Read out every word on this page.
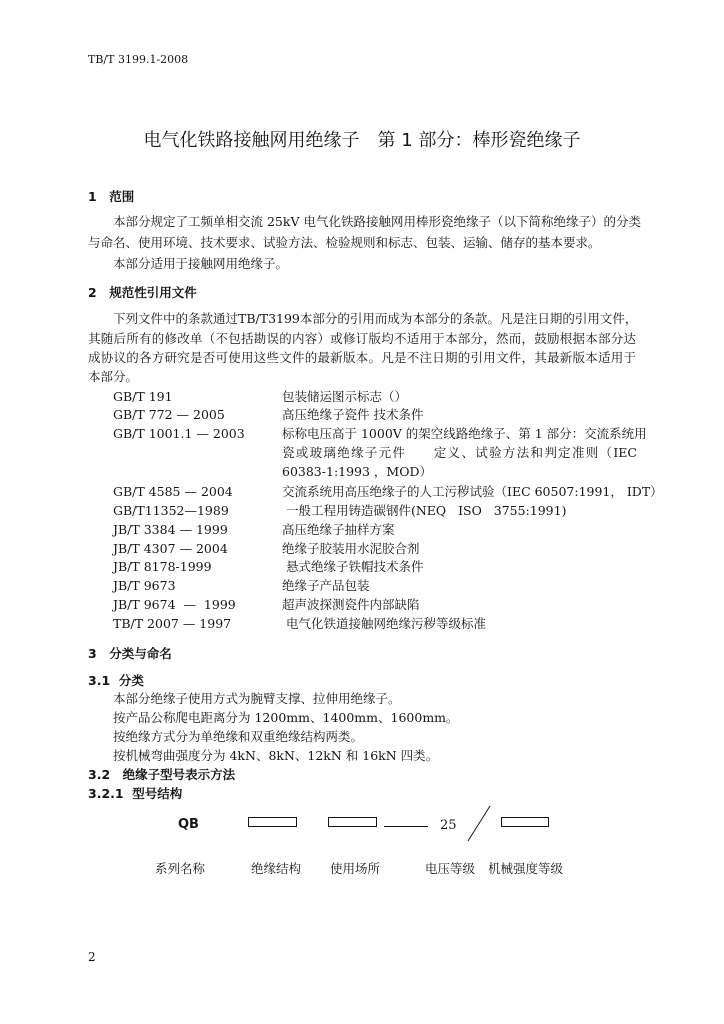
TB/T 3199.1-2008
电气化铁路接触网用绝缘子　第 1 部分：棒形瓷绝缘子
1　范围
本部分规定了工频单相交流 25kV 电气化铁路接触网用棒形瓷绝缘子（以下简称绝缘子）的分类
与命名、使用环境、技术要求、试验方法、检验规则和标志、包装、运输、储存的基本要求。
本部分适用于接触网用绝缘子。
2　规范性引用文件
下列文件中的条款通过TB/T3199本部分的引用而成为本部分的条款。凡是注日期的引用文件，
其随后所有的修改单（不包括勘误的内容）或修订版均不适用于本部分，然而，鼓励根据本部分达
成协议的各方研究是否可使用这些文件的最新版本。凡是不注日期的引用文件，其最新版本适用于
本部分。
GB/T 191	包装储运图示标志（）
GB/T 772 — 2005	高压绝缘子瓷件 技术条件
GB/T 1001.1 — 2003	标称电压高于 1000V 的架空线路绝缘子、第 1 部分：交流系统用
瓷或玻璃绝缘子元件　　定义、试验方法和判定准则（IEC
60383-1:1993 ，MOD）
GB/T 4585 — 2004	交流系统用高压绝缘子的人工污秽试验（IEC 60507:1991， IDT）
GB/T11352—1989	一般工程用铸造碳钢件(NEQ   ISO   3755:1991)
JB/T 3384 — 1999	高压绝缘子抽样方案
JB/T 4307 — 2004	绝缘子胶装用水泥胶合剂
JB/T 8178-1999	悬式绝缘子铁帽技术条件
JB/T 9673	绝缘子产品包装
JB/T 9674  —  1999	超声波探测瓷件内部缺陷
TB/T 2007 — 1997	电气化铁道接触网绝缘污秽等级标准
3　分类与命名
3.1  分类
本部分绝缘子使用方式为腕臂支撑、拉伸用绝缘子。
按产品公称爬电距离分为 1200mm、1400mm、1600mm。
按绝缘方式分为单绝缘和双重绝缘结构两类。
按机械弯曲强度分为 4kN、8kN、12kN 和 16kN 四类。
3.2　绝缘子型号表示方法
3.2.1  型号结构
QB	25
系列名称	绝缘结构 使用场所	电压等级 机械强度等级
2
